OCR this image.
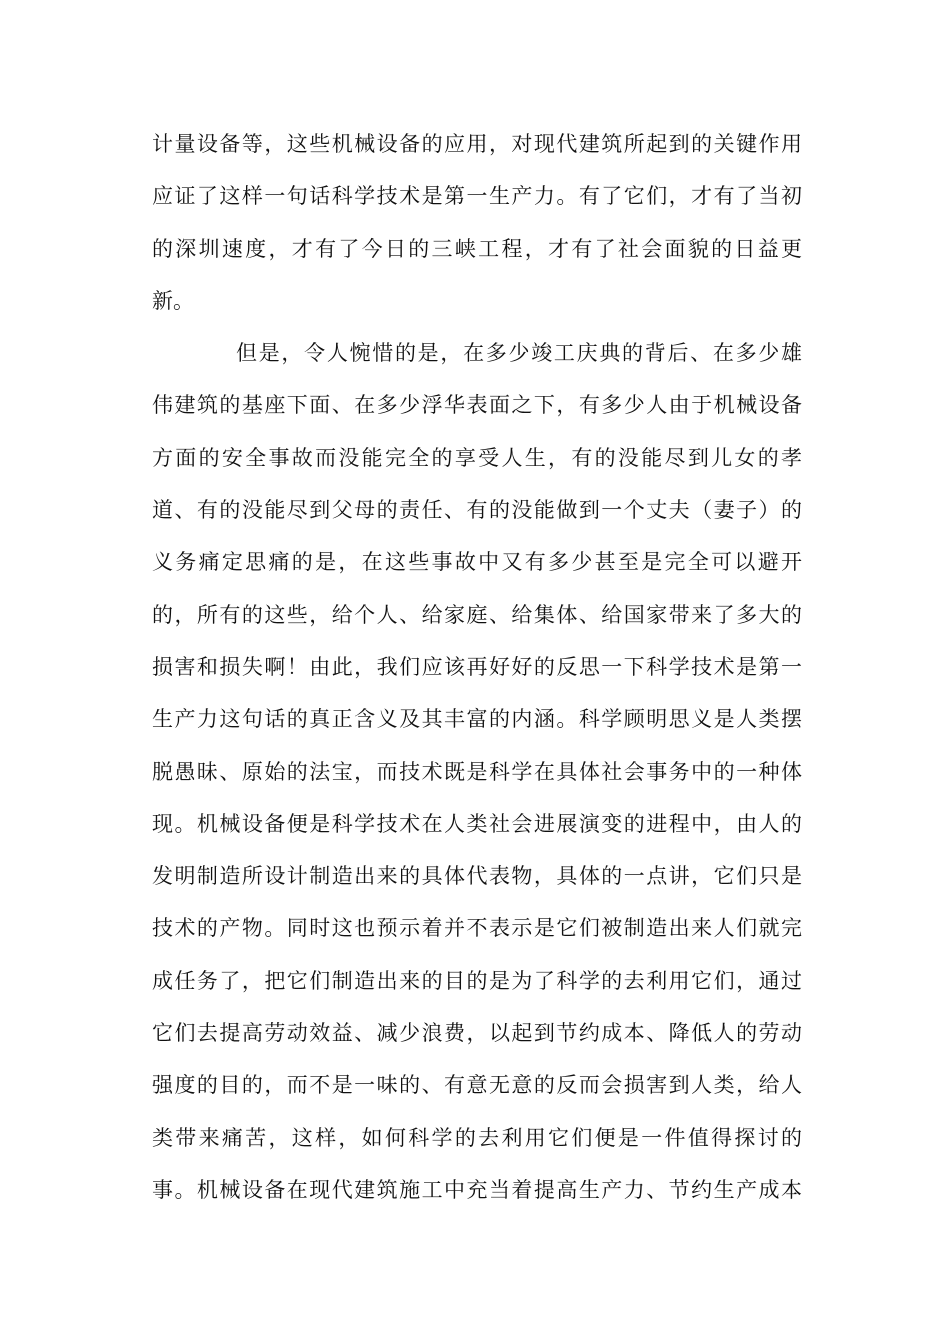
计量设备等，这些机械设备的应用，对现代建筑所起到的关键作用
应证了这样一句话科学技术是第一生产力。有了它们，才有了当初
的深圳速度，才有了今日的三峡工程，才有了社会面貌的日益更
新。
但是，令人惋惜的是，在多少竣工庆典的背后、在多少雄
伟建筑的基座下面、在多少浮华表面之下，有多少人由于机械设备
方面的安全事故而没能完全的享受人生，有的没能尽到儿女的孝
道、有的没能尽到父母的责任、有的没能做到一个丈夫（妻子）的
义务痛定思痛的是，在这些事故中又有多少甚至是完全可以避开
的，所有的这些，给个人、给家庭、给集体、给国家带来了多大的
损害和损失啊！由此，我们应该再好好的反思一下科学技术是第一
生产力这句话的真正含义及其丰富的内涵。科学顾明思义是人类摆
脱愚昧、原始的法宝，而技术既是科学在具体社会事务中的一种体
现。机械设备便是科学技术在人类社会进展演变的进程中，由人的
发明制造所设计制造出来的具体代表物，具体的一点讲，它们只是
技术的产物。同时这也预示着并不表示是它们被制造出来人们就完
成任务了，把它们制造出来的目的是为了科学的去利用它们，通过
它们去提高劳动效益、减少浪费，以起到节约成本、降低人的劳动
强度的目的，而不是一味的、有意无意的反而会损害到人类，给人
类带来痛苦，这样，如何科学的去利用它们便是一件值得探讨的
事。机械设备在现代建筑施工中充当着提高生产力、节约生产成本
